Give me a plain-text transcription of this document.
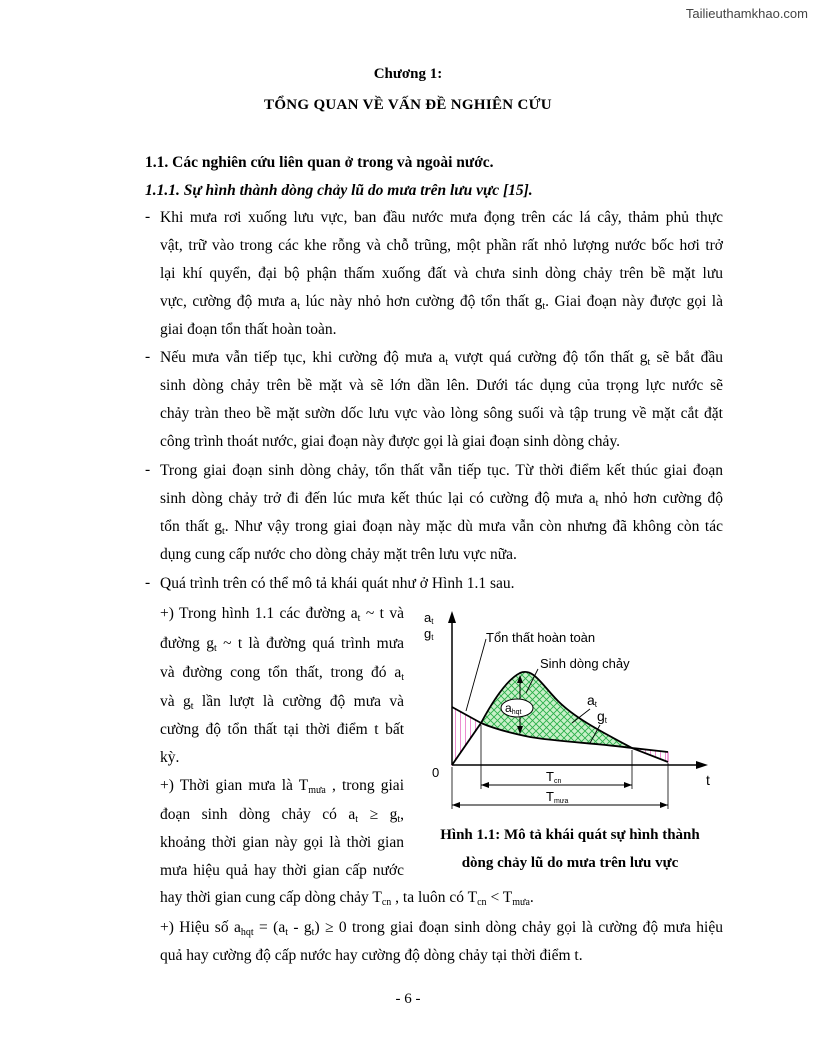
Tailieuthamkhao.com
Chương 1:
TỔNG QUAN VỀ VẤN ĐỀ NGHIÊN CỨU
1.1. Các nghiên cứu liên quan ở trong và ngoài nước.
1.1.1. Sự hình thành dòng chảy lũ do mưa trên lưu vực [15].
- Khi mưa rơi xuống lưu vực, ban đầu nước mưa đọng trên các lá cây, thảm phủ thực
vật, trữ vào trong các khe rỗng và chỗ trũng, một phần rất nhỏ lượng nước bốc hơi trở
lại khí quyển, đại bộ phận thấm xuống đất và chưa sinh dòng chảy trên bề mặt lưu
vực, cường độ mưa $a_t$ lúc này nhỏ hơn cường độ tổn thất $g_t$. Giai đoạn này được gọi là
giai đoạn tổn thất hoàn toàn.
- Nếu mưa vẫn tiếp tục, khi cường độ mưa $a_t$ vượt quá cường độ tổn thất $g_t$ sẽ bắt đầu
sinh dòng chảy trên bề mặt và sẽ lớn dần lên. Dưới tác dụng của trọng lực nước sẽ
chảy tràn theo bề mặt sườn dốc lưu vực vào lòng sông suối và tập trung về mặt cắt đặt
công trình thoát nước, giai đoạn này được gọi là giai đoạn sinh dòng chảy.
- Trong giai đoạn sinh dòng chảy, tổn thất vẫn tiếp tục. Từ thời điểm kết thúc giai đoạn
sinh dòng chảy trở đi đến lúc mưa kết thúc lại có cường độ mưa $a_t$ nhỏ hơn cường độ
tổn thất $g_t$. Như vậy trong giai đoạn này mặc dù mưa vẫn còn nhưng đã không còn tác
dụng cung cấp nước cho dòng chảy mặt trên lưu vực nữa.
- Quá trình trên có thể mô tả khái quát như ở Hình 1.1 sau.
+) Trong hình 1.1 các đường $a_t$ ~ t và
đường $g_t$ ~ t là đường quá trình mưa
và đường cong tổn thất, trong đó $a_t$
và $g_t$ lần lượt là cường độ mưa và
cường độ tổn thất tại thời điểm t bất
kỳ.
+) Thời gian mưa là $T_{mưa}$ , trong giai
đoạn sinh dòng chảy có $a_t \ge g_t$,
khoảng thời gian này gọi là thời gian
mưa hiệu quả hay thời gian cấp nước
hay thời gian cung cấp dòng chảy $T_{cn}$ , ta luôn có $T_{cn} < T_{mưa}$.
+) Hiệu số $a_{hqt} = (a_t - g_t) \ge 0$ trong giai đoạn sinh dòng chảy gọi là cường độ mưa hiệu
quả hay cường độ cấp nước hay cường độ dòng chảy tại thời điểm t.
ahqt
at
gt
0	t
Tổn thất hoàn toàn
Sinh dòng chảy
at
gt
Tcn
Tmưa
Hình 1.1: Mô tả khái quát sự hình thành
dòng chảy lũ do mưa trên lưu vực
- 6 -
